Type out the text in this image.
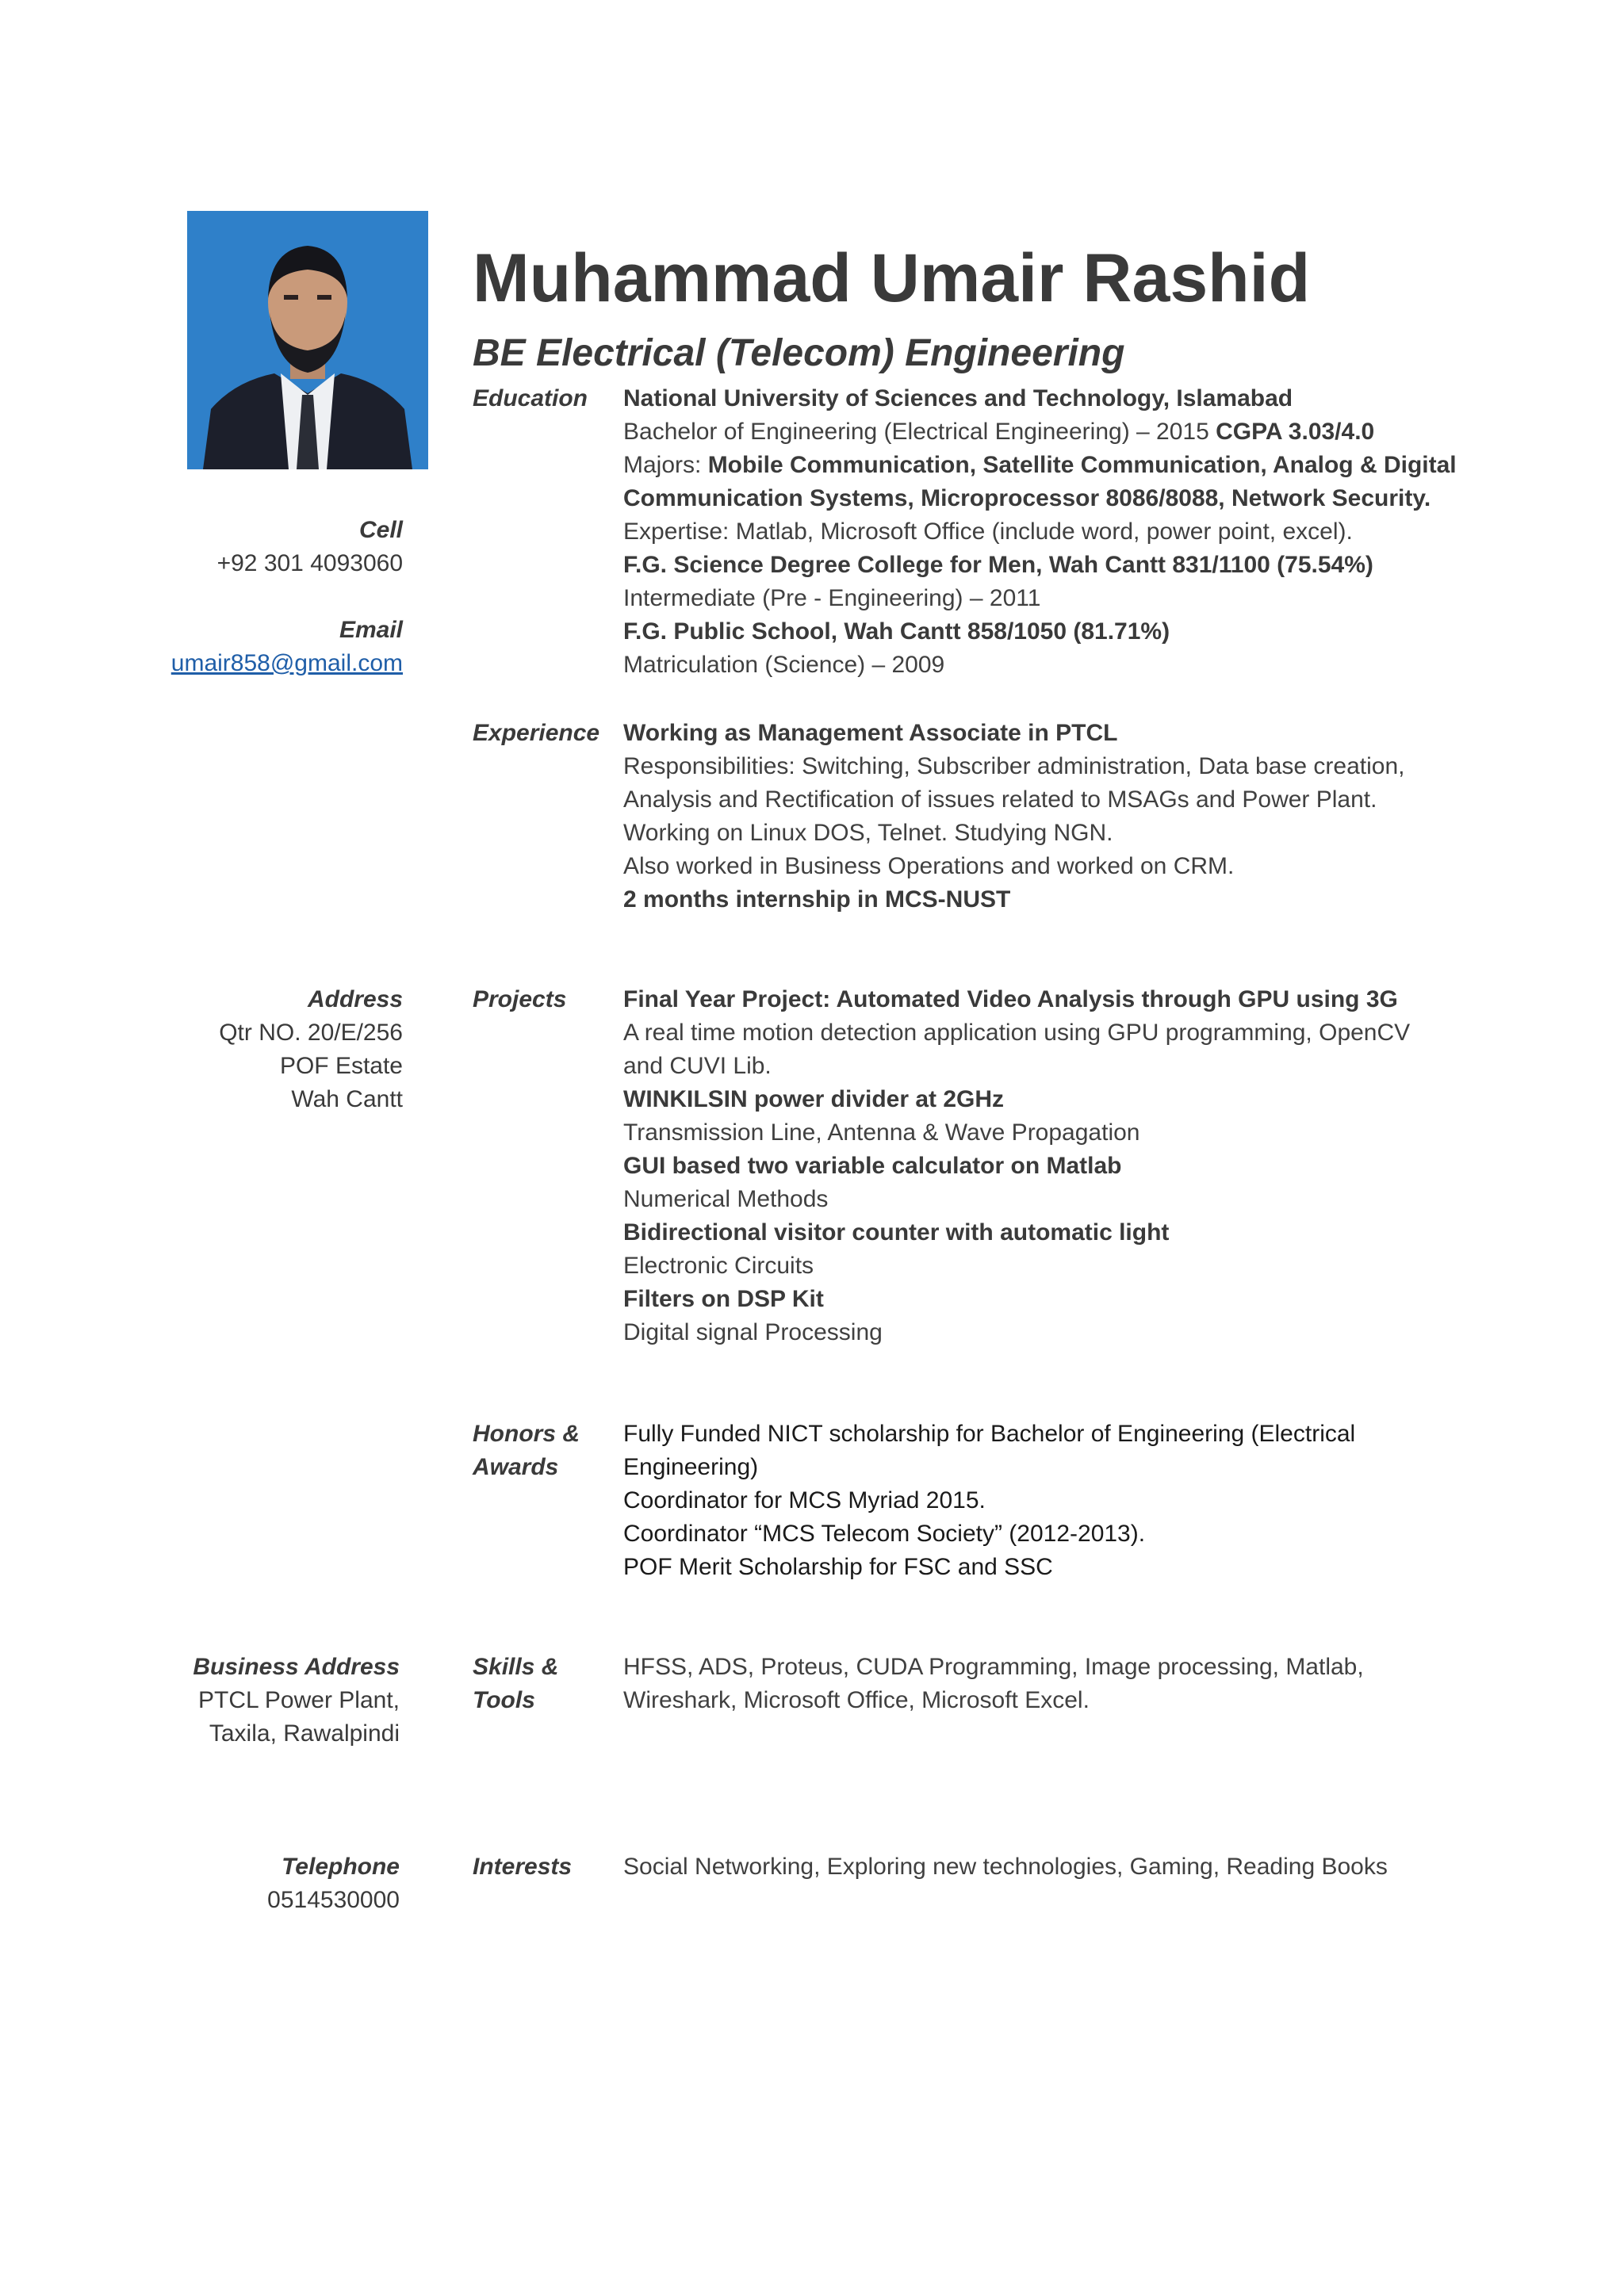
Muhammad Umair Rashid
BE Electrical (Telecom) Engineering
Cell
+92 301 4093060
Email
umair858@gmail.com
Address
Qtr NO. 20/E/256
POF Estate
Wah Cantt
Business Address
PTCL Power Plant,
Taxila, Rawalpindi
Telephone
0514530000
Education National University of Sciences and Technology, Islamabad
Bachelor of Engineering (Electrical Engineering) – 2015 CGPA 3.03/4.0
Majors: Mobile Communication, Satellite Communication, Analog & Digital
Communication Systems, Microprocessor 8086/8088, Network Security.
Expertise: Matlab, Microsoft Office (include word, power point, excel).
F.G. Science Degree College for Men, Wah Cantt 831/1100 (75.54%)
Intermediate (Pre - Engineering) – 2011
F.G. Public School, Wah Cantt 858/1050 (81.71%)
Matriculation (Science) – 2009
Experience Working as Management Associate in PTCL
Responsibilities: Switching, Subscriber administration, Data base creation,
Analysis and Rectification of issues related to MSAGs and Power Plant.
Working on Linux DOS, Telnet. Studying NGN.
Also worked in Business Operations and worked on CRM.
2 months internship in MCS-NUST
Projects Final Year Project: Automated Video Analysis through GPU using 3G
A real time motion detection application using GPU programming, OpenCV
and CUVI Lib.
WINKILSIN power divider at 2GHz
Transmission Line, Antenna & Wave Propagation
GUI based two variable calculator on Matlab
Numerical Methods
Bidirectional visitor counter with automatic light
Electronic Circuits
Filters on DSP Kit
Digital signal Processing
Honors &
Awards
Fully Funded NICT scholarship for Bachelor of Engineering (Electrical
Engineering)
Coordinator for MCS Myriad 2015.
Coordinator “MCS Telecom Society” (2012-2013).
POF Merit Scholarship for FSC and SSC
Skills &
Tools
HFSS, ADS, Proteus, CUDA Programming, Image processing, Matlab,
Wireshark, Microsoft Office, Microsoft Excel.
Interests Social Networking, Exploring new technologies, Gaming, Reading Books
